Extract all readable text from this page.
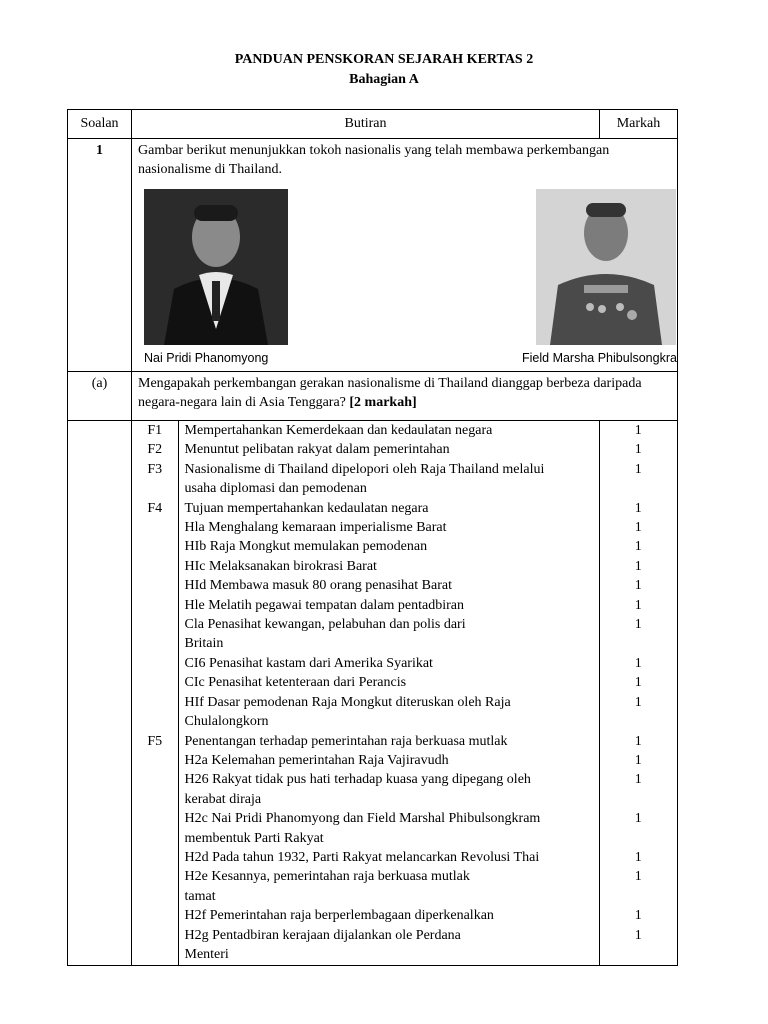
PANDUAN PENSKORAN SEJARAH KERTAS 2
Bahagian A
Soalan	Butiran	Markah
1	Gambar berikut menunjukkan tokoh nasionalis yang telah membawa perkembangan nasionalisme di Thailand.
Nai Pridi Phanomyong	Field Marsha Phibulsongkra

(a)	Mengapakah perkembangan gerakan nasionalisme di Thailand dianggap berbeza daripada negara-negara lain di Asia Tenggara? [2 markah]

F1	Mempertahankan Kemerdekaan dan kedaulatan negara	1
F2	Menuntut pelibatan rakyat dalam pemerintahan	1
F3	Nasionalisme di Thailand dipelopori oleh Raja Thailand melalui	1
	usaha diplomasi dan pemodenan	
F4	Tujuan mempertahankan kedaulatan negara	1
	Hla Menghalang kemaraan imperialisme Barat	1
	HIb Raja Mongkut memulakan pemodenan	1
	HIc Melaksanakan birokrasi Barat	1
	HId Membawa masuk 80 orang penasihat Barat	1
	Hle Melatih pegawai tempatan dalam pentadbiran	1
	Cla Penasihat kewangan, pelabuhan dan polis dari	1
	Britain	
	CI6 Penasihat kastam dari Amerika Syarikat	1
	CIc Penasihat ketenteraan dari Perancis	1
	HIf Dasar pemodenan Raja Mongkut diteruskan oleh Raja	1
	Chulalongkorn	
F5	Penentangan terhadap pemerintahan raja berkuasa mutlak	1
	H2a Kelemahan pemerintahan Raja Vajiravudh	1
	H26 Rakyat tidak pus hati terhadap kuasa yang dipegang oleh	1
	kerabat diraja	
	H2c Nai Pridi Phanomyong dan Field Marshal Phibulsongkram	1
	membentuk Parti Rakyat	
	H2d Pada tahun 1932, Parti Rakyat melancarkan Revolusi Thai	1
	H2e Kesannya, pemerintahan raja berkuasa mutlak	1
	tamat	
	H2f Pemerintahan raja berperlembagaan diperkenalkan	1
	H2g Pentadbiran kerajaan dijalankan ole Perdana	1
	Menteri	
